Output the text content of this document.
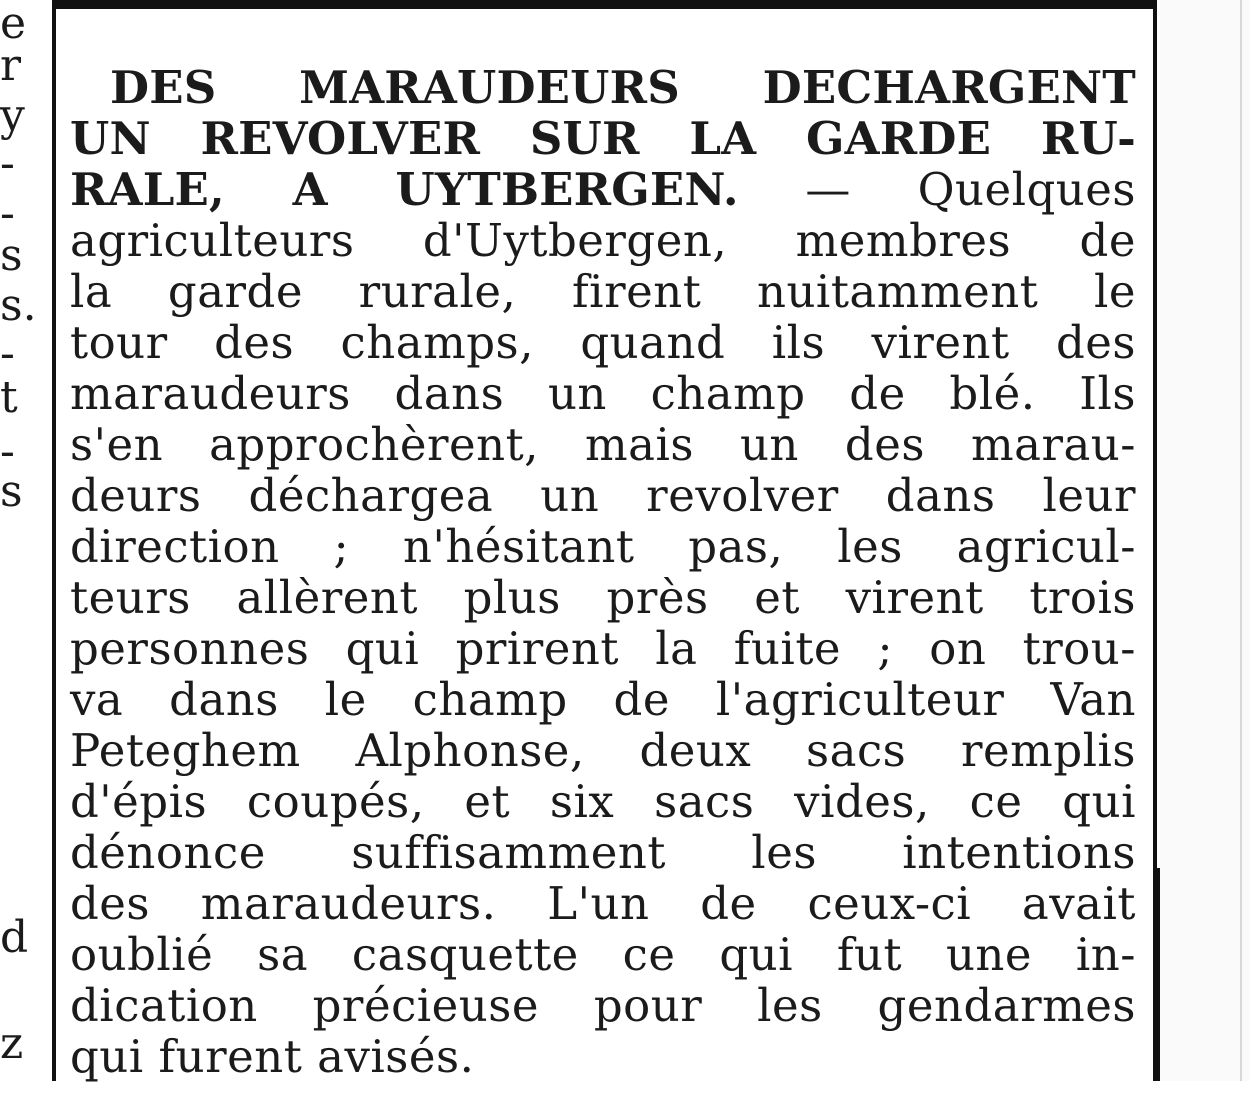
e
r
y
-
-
s
s.
-
t
-
s
d
z
DES MARAUDEURS DECHARGENT
UN REVOLVER SUR LA GARDE RU-
RALE, A UYTBERGEN. — Quelques
agriculteurs d'Uytbergen, membres de
la garde rurale, firent nuitamment le
tour des champs, quand ils virent des
maraudeurs dans un champ de blé. Ils
s'en approchèrent, mais un des marau-
deurs déchargea un revolver dans leur
direction ; n'hésitant pas, les agricul-
teurs allèrent plus près et virent trois
personnes qui prirent la fuite ; on trou-
va dans le champ de l'agriculteur Van
Peteghem Alphonse, deux sacs remplis
d'épis coupés, et six sacs vides, ce qui
dénonce suffisamment les intentions
des maraudeurs. L'un de ceux-ci avait
oublié sa casquette ce qui fut une in-
dication précieuse pour les gendarmes
qui furent avisés.
